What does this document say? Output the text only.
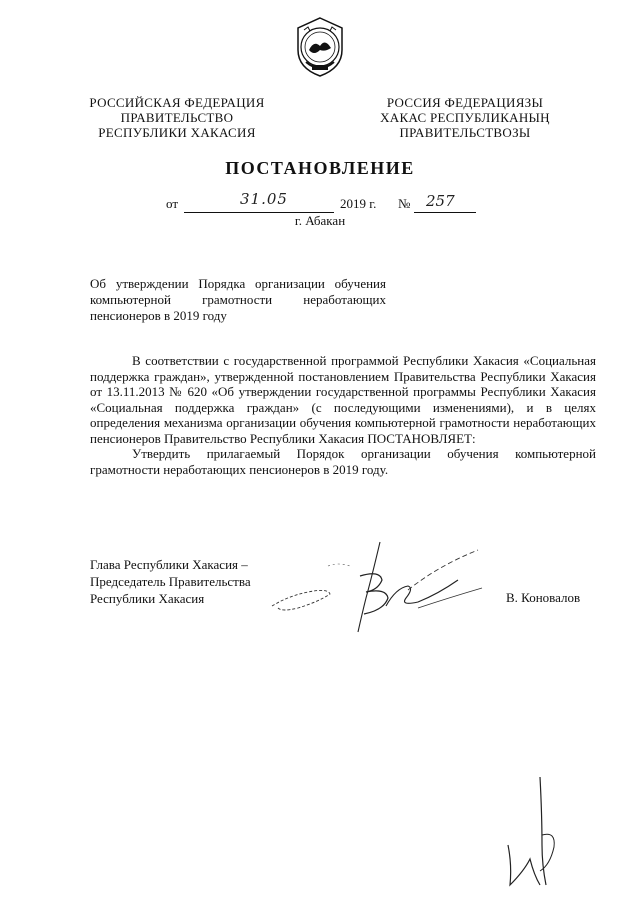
РОССИЙСКАЯ ФЕДЕРАЦИЯ
ПРАВИТЕЛЬСТВО
РЕСПУБЛИКИ ХАКАСИЯ
РОССИЯ ФЕДЕРАЦИЯЗЫ
ХАКАС РЕСПУБЛИКАНЫҢ
ПРАВИТЕЛЬСТВОЗЫ
ПОСТАНОВЛЕНИЕ
от	31.05	2019 г. № 257
г. Абакан
Об утверждении Порядка организации обучения компьютерной грамотности неработающих пенсионеров в 2019 году

В соответствии с государственной программой Республики Хакасия «Социальная поддержка граждан», утвержденной постановлением Правительства Республики Хакасия от 13.11.2013 № 620 «Об утверждении государственной программы Республики Хакасия «Социальная поддержка граждан» (с последующими изменениями), и в целях определения механизма организации обучения компьютерной грамотности неработающих пенсионеров Правительство Республики Хакасия ПОСТАНОВЛЯЕТ:

Утвердить прилагаемый Порядок организации обучения компьютерной грамотности неработающих пенсионеров в 2019 году.

Глава Республики Хакасия –
Председатель Правительства
Республики Хакасия	В. Коновалов
